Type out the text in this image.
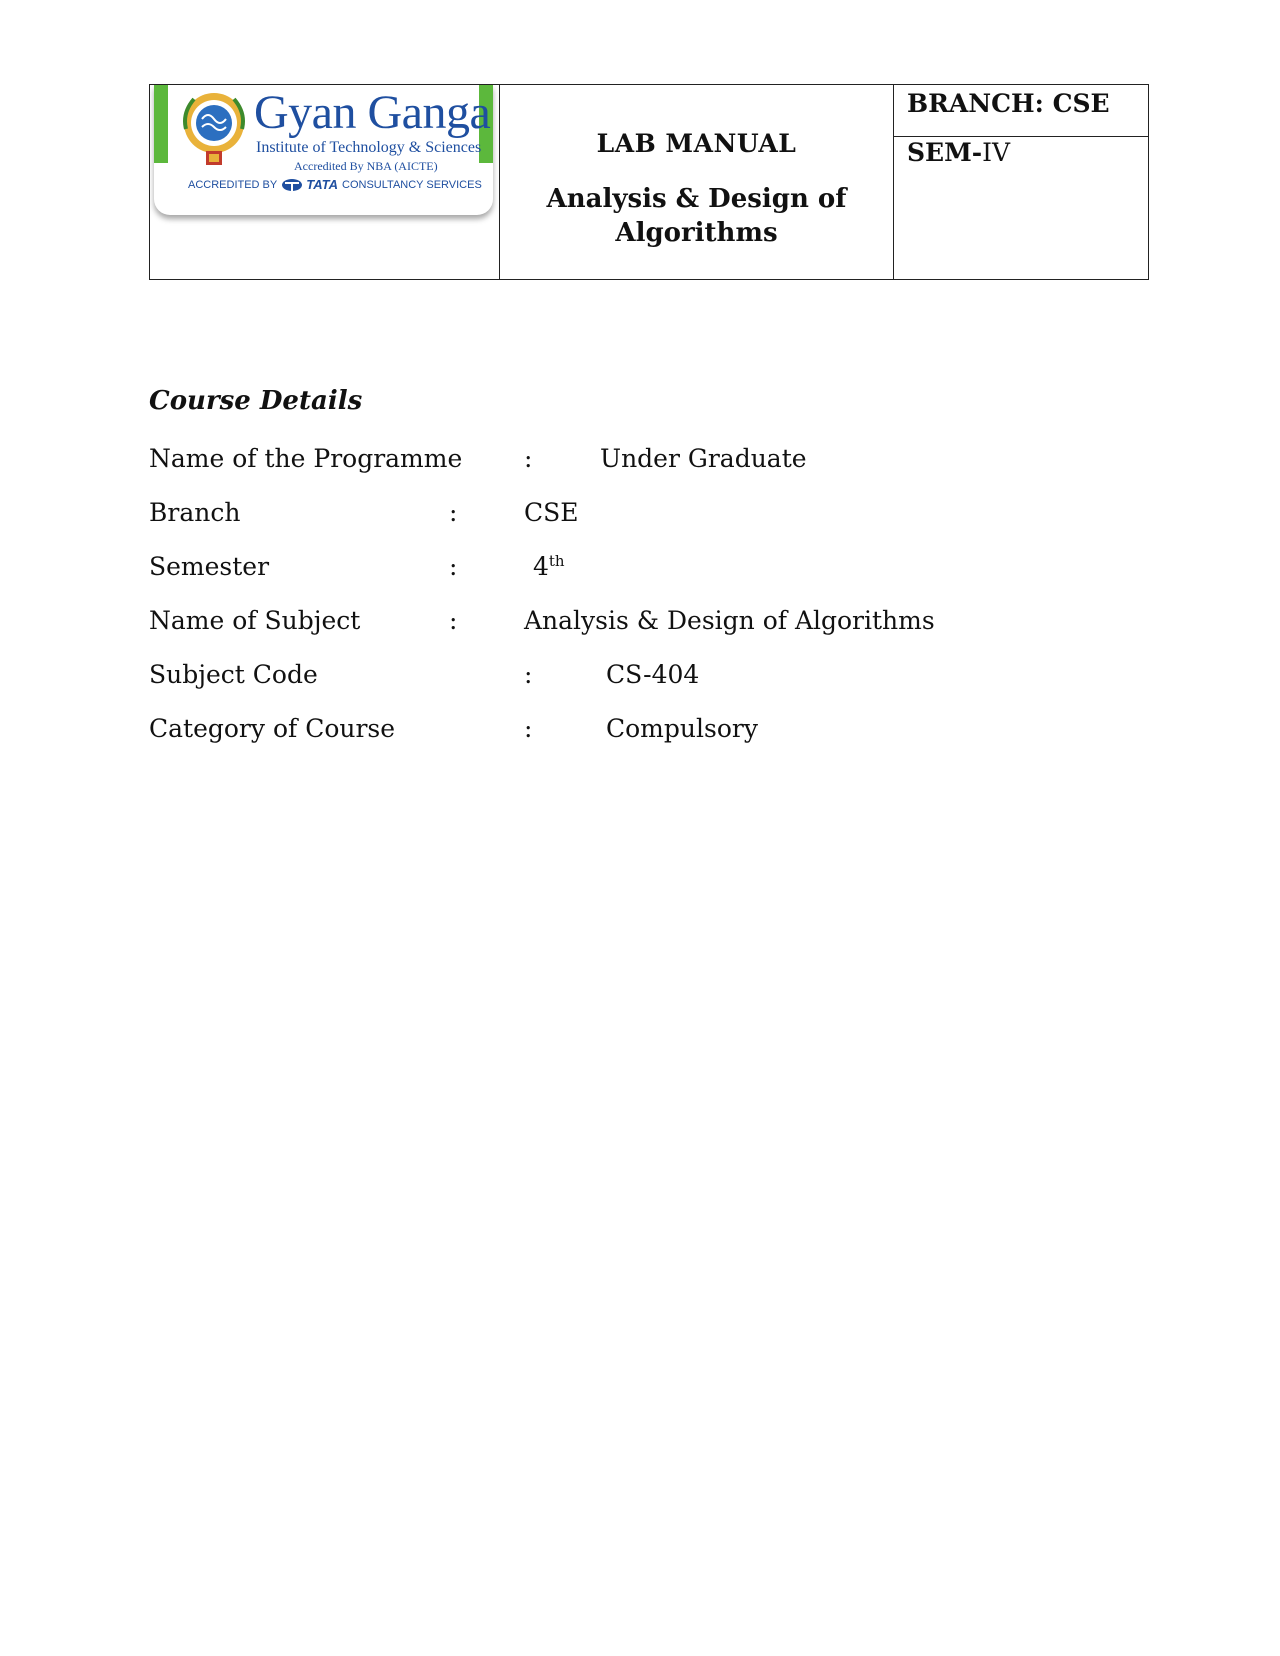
Gyan Ganga
Institute of Technology & Sciences
Accredited By NBA (AICTE)
ACCREDITED BY TATA CONSULTANCY SERVICES
LAB MANUAL
Analysis & Design of Algorithms
BRANCH: CSE
SEM-IV
Course Details
Name of the Programme :	Under Graduate
Branch	:	CSE
Semester	:	4th
Name of Subject	:	Analysis & Design of Algorithms
Subject Code	:	CS-404
Category of Course	:	Compulsory
